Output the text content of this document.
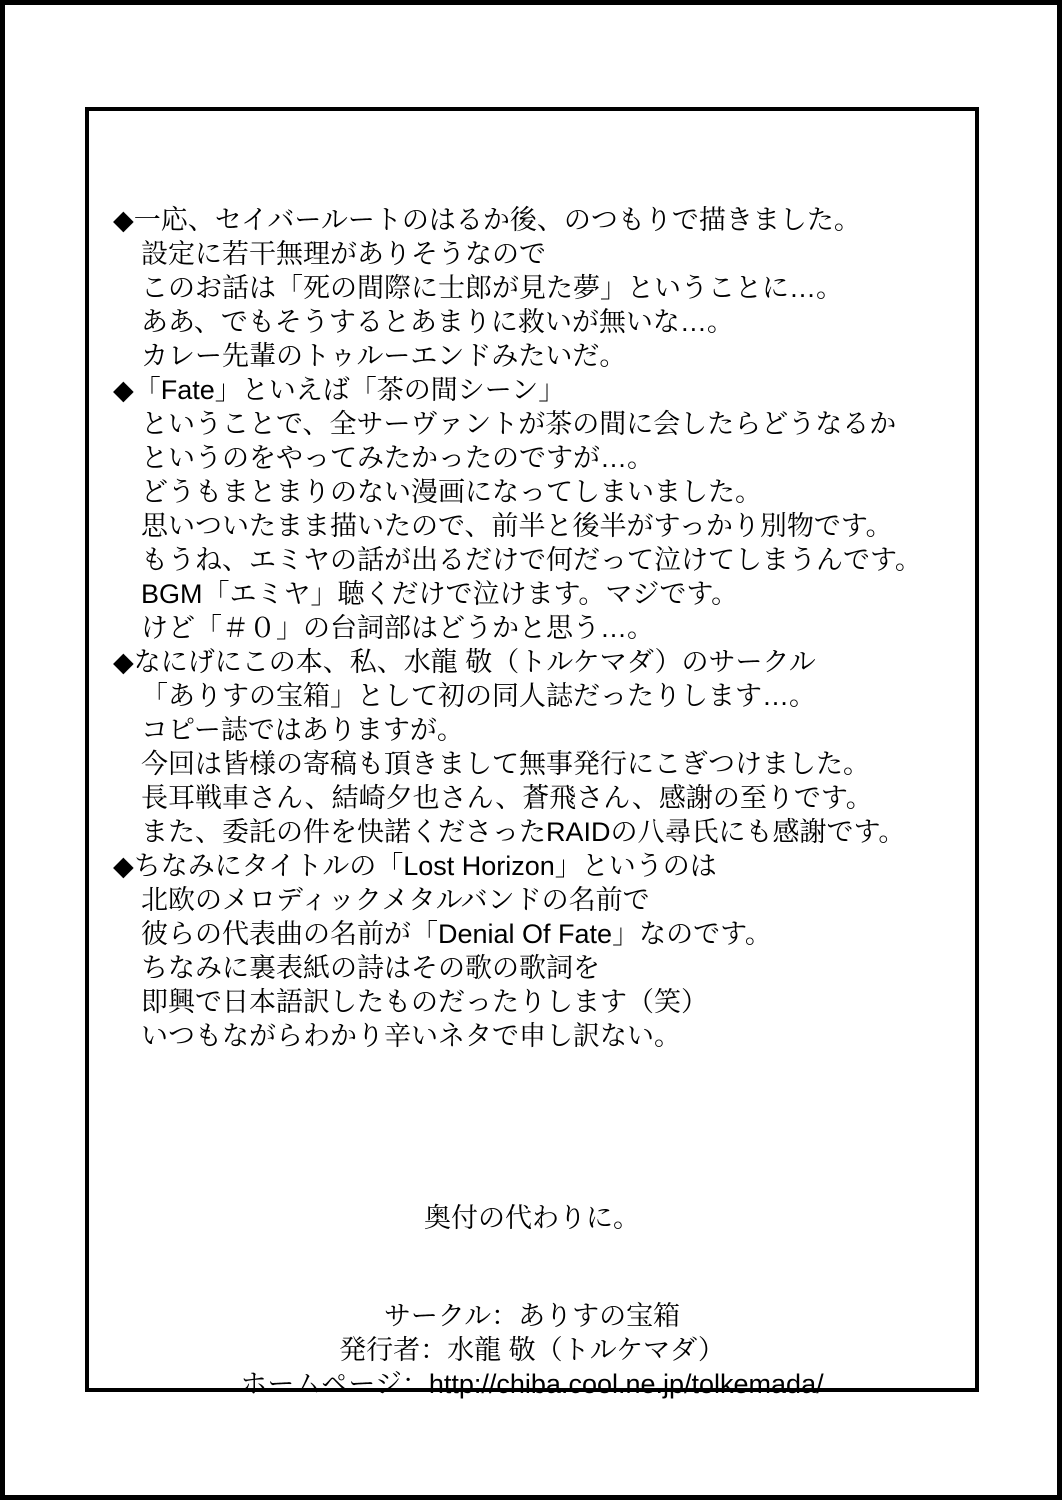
◆一応、セイバールートのはるか後、のつもりで描きました。
設定に若干無理がありそうなので
このお話は「死の間際に士郎が見た夢」ということに…。
ああ、でもそうするとあまりに救いが無いな…。
カレー先輩のトゥルーエンドみたいだ。
◆「Fate」といえば「茶の間シーン」
ということで、全サーヴァントが茶の間に会したらどうなるか
というのをやってみたかったのですが…。
どうもまとまりのない漫画になってしまいました。
思いついたまま描いたので、前半と後半がすっかり別物です。
もうね、エミヤの話が出るだけで何だって泣けてしまうんです。
BGM「エミヤ」聴くだけで泣けます。マジです。
けど「＃０」の台詞部はどうかと思う…。
◆なにげにこの本、私、水龍 敬（トルケマダ）のサークル
「ありすの宝箱」として初の同人誌だったりします…。
コピー誌ではありますが。
今回は皆様の寄稿も頂きまして無事発行にこぎつけました。
長耳戦車さん、結崎夕也さん、蒼飛さん、感謝の至りです。
また、委託の件を快諾くださったRAIDの八尋氏にも感謝です。
◆ちなみにタイトルの「Lost Horizon」というのは
北欧のメロディックメタルバンドの名前で
彼らの代表曲の名前が「Denial Of Fate」なのです。
ちなみに裏表紙の詩はその歌の歌詞を
即興で日本語訳したものだったりします（笑）
いつもながらわかり辛いネタで申し訳ない。
奥付の代わりに。
サークル：ありすの宝箱
発行者：水龍 敬（トルケマダ）
ホームページ：http://chiba.cool.ne.jp/tolkemada/
